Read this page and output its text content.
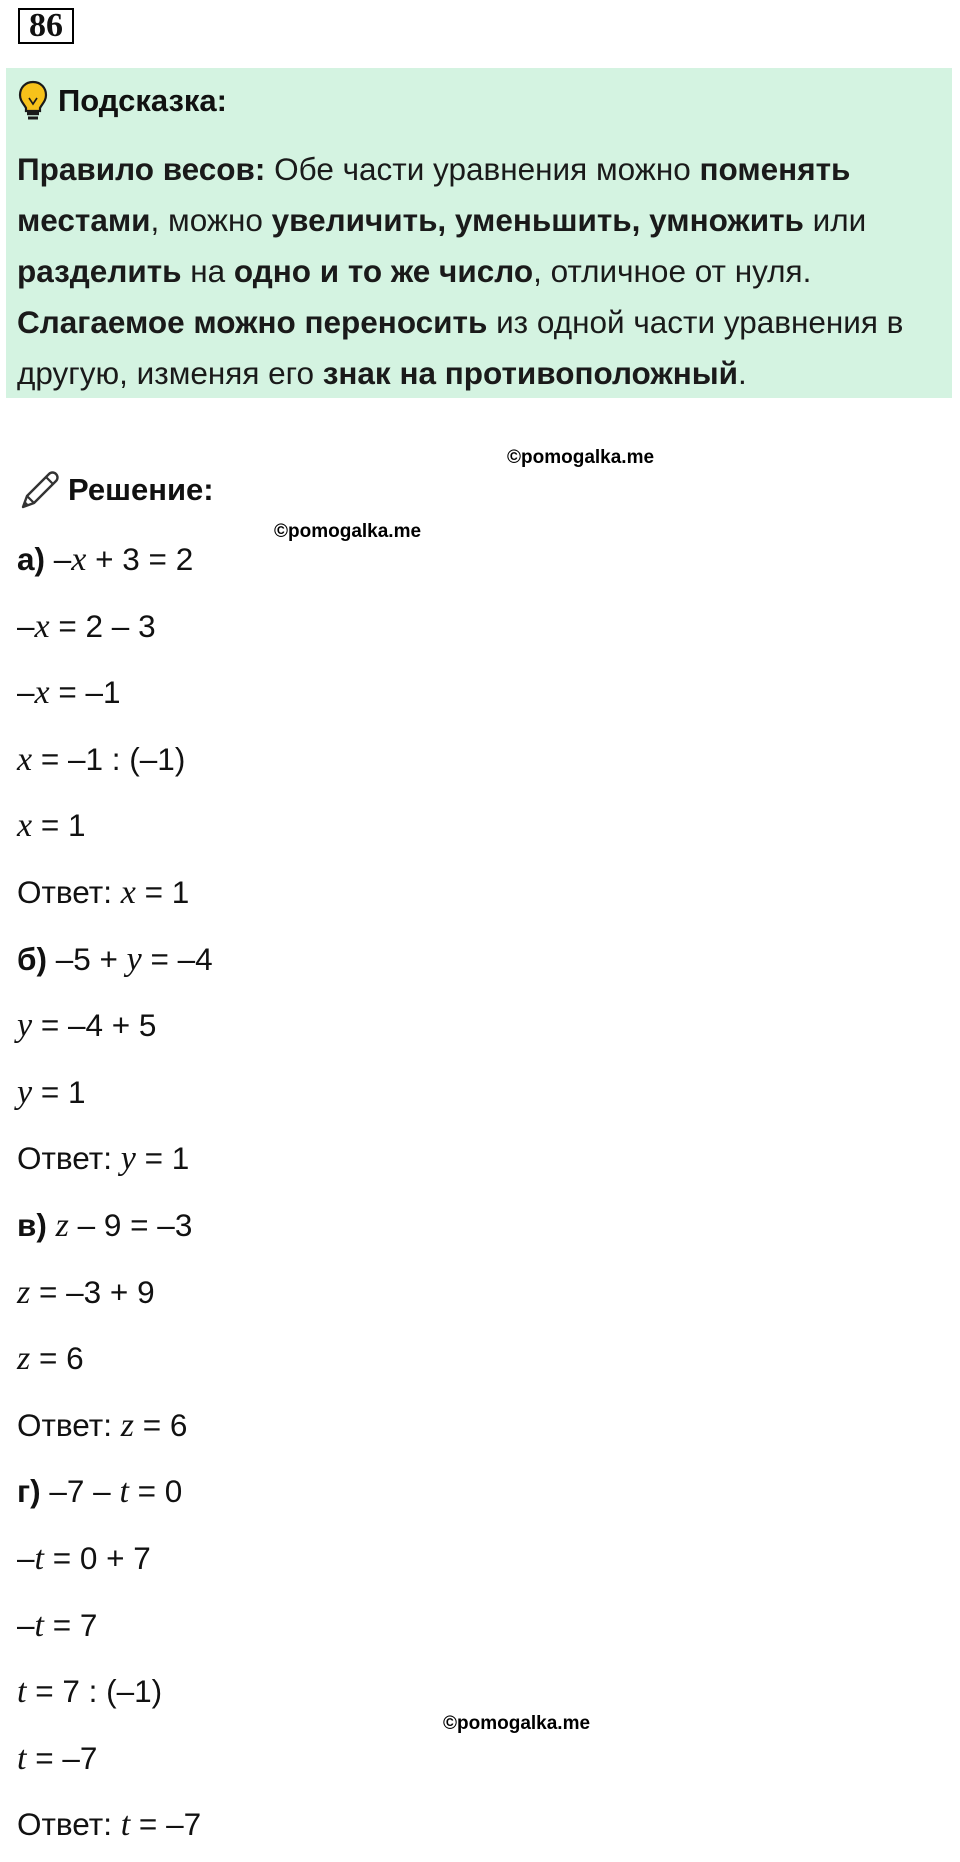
86
Подсказка:
Правило весов: Обе части уравнения можно поменять местами, можно увеличить, уменьшить, умножить или разделить на одно и то же число, отличное от нуля.
Слагаемое можно переносить из одной части уравнения в другую, изменяя его знак на противоположный.
©pomogalka.me
Решение:
©pomogalka.me
а) –x + 3 = 2
–x = 2 – 3
–x = –1
x = –1 : (–1)
x = 1
Ответ: x = 1
б) –5 + y = –4
y = –4 + 5
y = 1
Ответ: y = 1
в) z – 9 = –3
z = –3 + 9
z = 6
Ответ: z = 6
г) –7 – t = 0
–t = 0 + 7
–t = 7
t = 7 : (–1)
t = –7
Ответ: t = –7
©pomogalka.me
